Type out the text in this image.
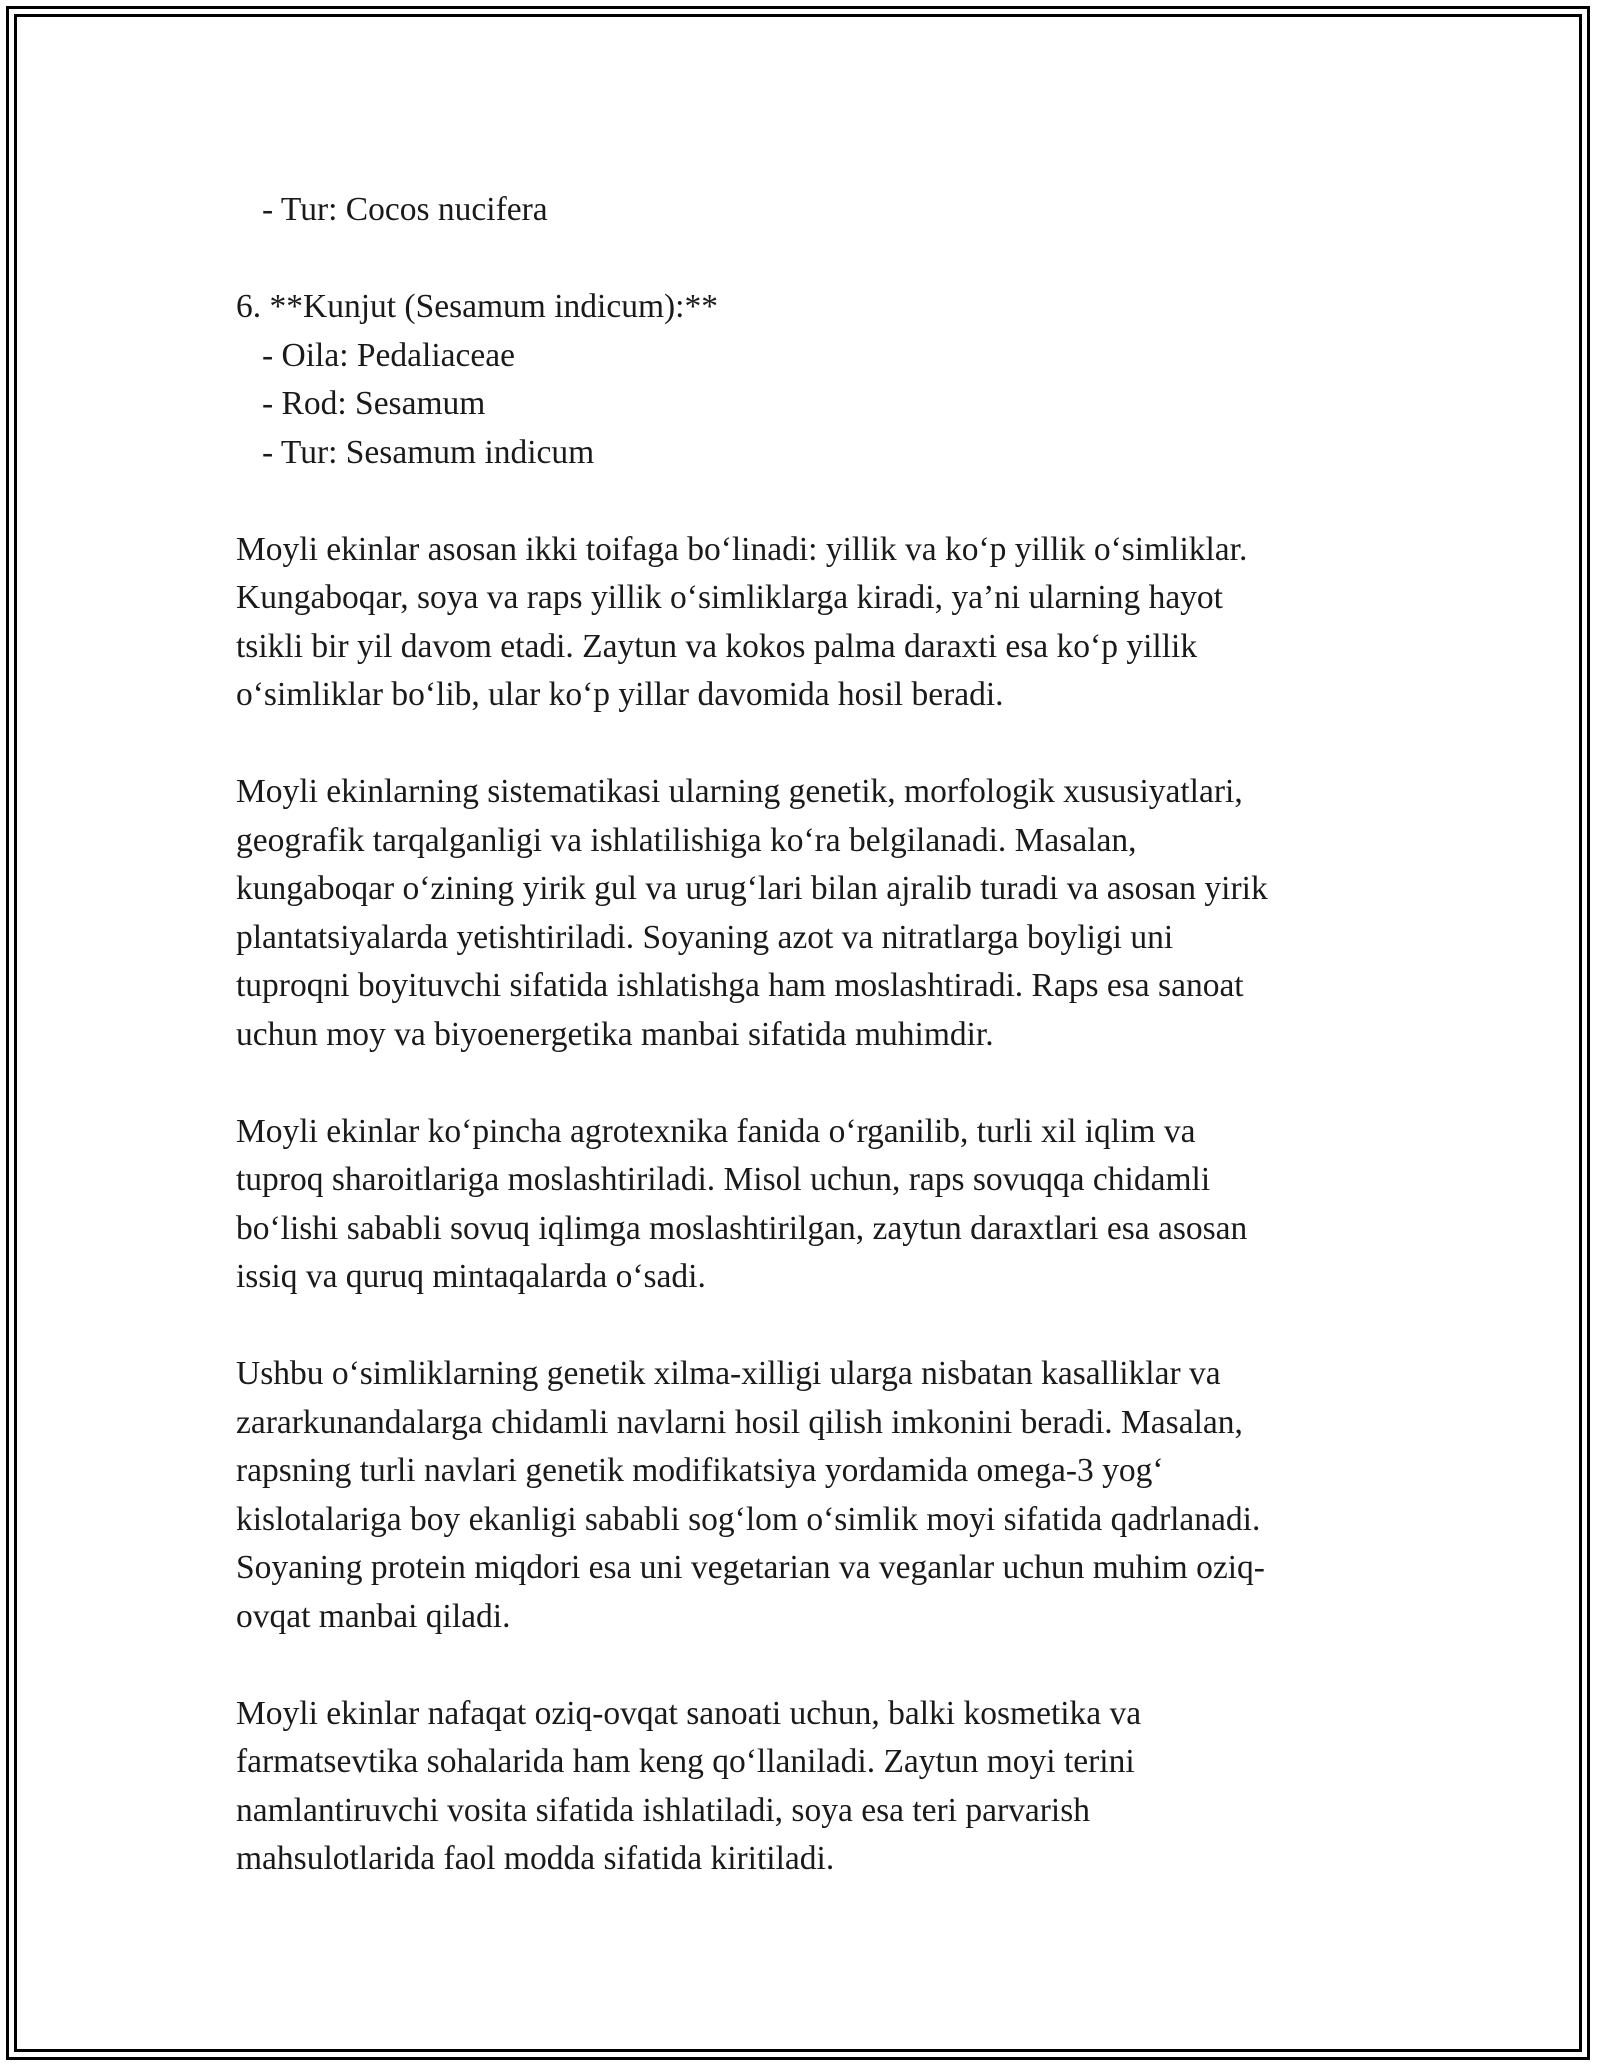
- Tur: Cocos nucifera
6. **Kunjut (Sesamum indicum):**
- Oila: Pedaliaceae
- Rod: Sesamum
- Tur: Sesamum indicum
Moyli ekinlar asosan ikki toifaga bo‘linadi: yillik va ko‘p yillik o‘simliklar.
Kungaboqar, soya va raps yillik o‘simliklarga kiradi, ya’ni ularning hayot
tsikli bir yil davom etadi. Zaytun va kokos palma daraxti esa ko‘p yillik
o‘simliklar bo‘lib, ular ko‘p yillar davomida hosil beradi.
Moyli ekinlarning sistematikasi ularning genetik, morfologik xususiyatlari,
geografik tarqalganligi va ishlatilishiga ko‘ra belgilanadi. Masalan,
kungaboqar o‘zining yirik gul va urug‘lari bilan ajralib turadi va asosan yirik
plantatsiyalarda yetishtiriladi. Soyaning azot va nitratlarga boyligi uni
tuproqni boyituvchi sifatida ishlatishga ham moslashtiradi. Raps esa sanoat
uchun moy va biyoenergetika manbai sifatida muhimdir.
Moyli ekinlar ko‘pincha agrotexnika fanida o‘rganilib, turli xil iqlim va
tuproq sharoitlariga moslashtiriladi. Misol uchun, raps sovuqqa chidamli
bo‘lishi sababli sovuq iqlimga moslashtirilgan, zaytun daraxtlari esa asosan
issiq va quruq mintaqalarda o‘sadi.
Ushbu o‘simliklarning genetik xilma-xilligi ularga nisbatan kasalliklar va
zararkunandalarga chidamli navlarni hosil qilish imkonini beradi. Masalan,
rapsning turli navlari genetik modifikatsiya yordamida omega-3 yog‘
kislotalariga boy ekanligi sababli sog‘lom o‘simlik moyi sifatida qadrlanadi.
Soyaning protein miqdori esa uni vegetarian va veganlar uchun muhim oziq-
ovqat manbai qiladi.
Moyli ekinlar nafaqat oziq-ovqat sanoati uchun, balki kosmetika va
farmatsevtika sohalarida ham keng qo‘llaniladi. Zaytun moyi terini
namlantiruvchi vosita sifatida ishlatiladi, soya esa teri parvarish
mahsulotlarida faol modda sifatida kiritiladi.
